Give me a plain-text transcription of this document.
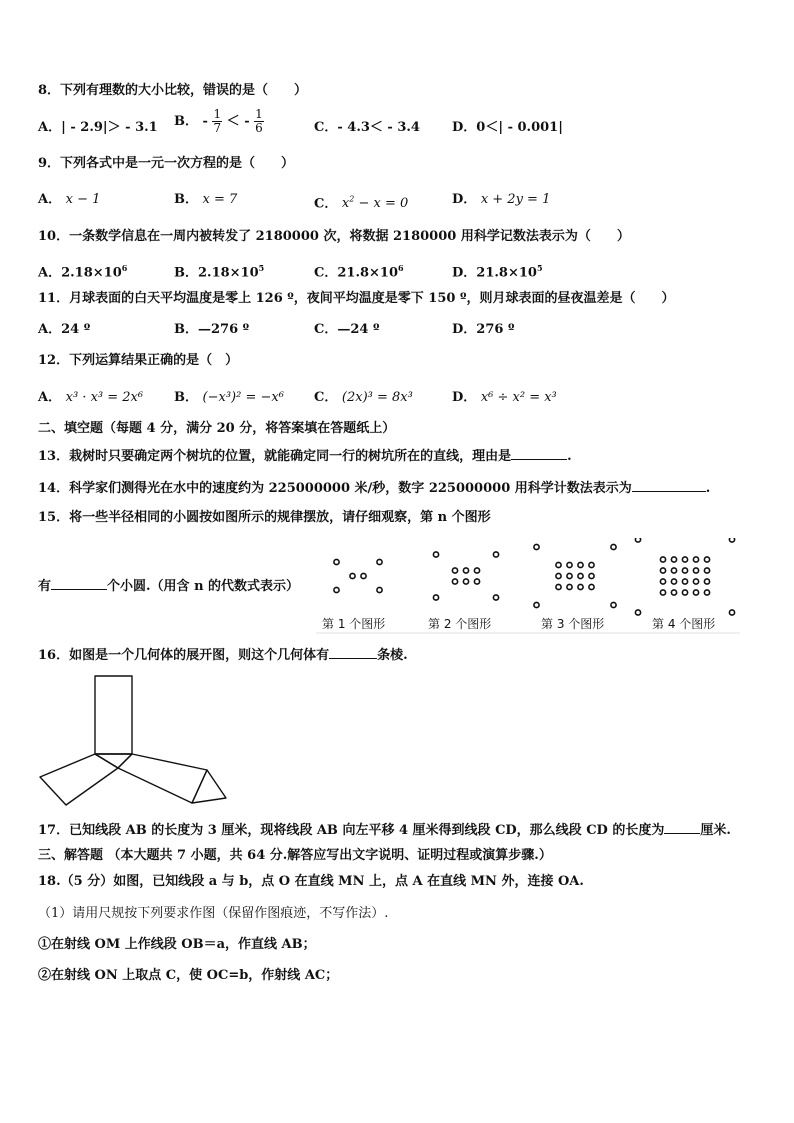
8．下列有理数的大小比较，错误的是（　　）
A．| - 2.9|＞ - 3.1 B． - $\frac{1}{7}$ ＜ - $\frac{1}{6}$	C．- 4.3＜ - 3.4 D．0＜| - 0.001|
9．下列各式中是一元一次方程的是（　　）
A． x − 1	B． x = 7	C． $x^2 - x = 0$	D． x + 2y = 1
10．一条数学信息在一周内被转发了 2180000 次，将数据 2180000 用科学记数法表示为（　　）
A．$2.18\times 10^6$	B．$2.18\times 10^5$	C．$21.8\times 10^6$	D．$21.8\times 10^5$
11．月球表面的白天平均温度是零上 126 º，夜间平均温度是零下 150 º，则月球表面的昼夜温差是（　　）
A．24 º	B．—276 º	C．—24 º	D．276 º
12．下列运算结果正确的是（　）
A． x³ · x³ = 2x⁶ B． (−x³)² = −x⁶ C． (2x)³ = 8x³	D． x⁶ ÷ x² = x³
二、填空题（每题 4 分，满分 20 分，将答案填在答题纸上）
13．栽树时只要确定两个树坑的位置，就能确定同一行的树坑所在的直线，理由是	.
14．科学家们测得光在水中的速度约为 225000000 米/秒，数字 225000000 用科学计数法表示为	.
15．将一些半径相同的小圆按如图所示的规律摆放，请仔细观察，第 n 个图形
有	个小圆.（用含 n 的代数式表示）
第 1 个图形	第 2 个图形	第 3 个图形	第 4 个图形
16．如图是一个几何体的展开图，则这个几何体有	条棱.
17．已知线段 AB 的长度为 3 厘米，现将线段 AB 向左平移 4 厘米得到线段 CD，那么线段 CD 的长度为	厘米.
三、解答题 （本大题共 7 小题，共 64 分.解答应写出文字说明、证明过程或演算步骤.）
18.（5 分）如图，已知线段 a 与 b，点 O 在直线 MN 上，点 A 在直线 MN 外，连接 OA.
（1）请用尺规按下列要求作图（保留作图痕迹，不写作法）.
①在射线 OM 上作线段 OB＝a，作直线 AB；
②在射线 ON 上取点 C，使 OC=b，作射线 AC；
